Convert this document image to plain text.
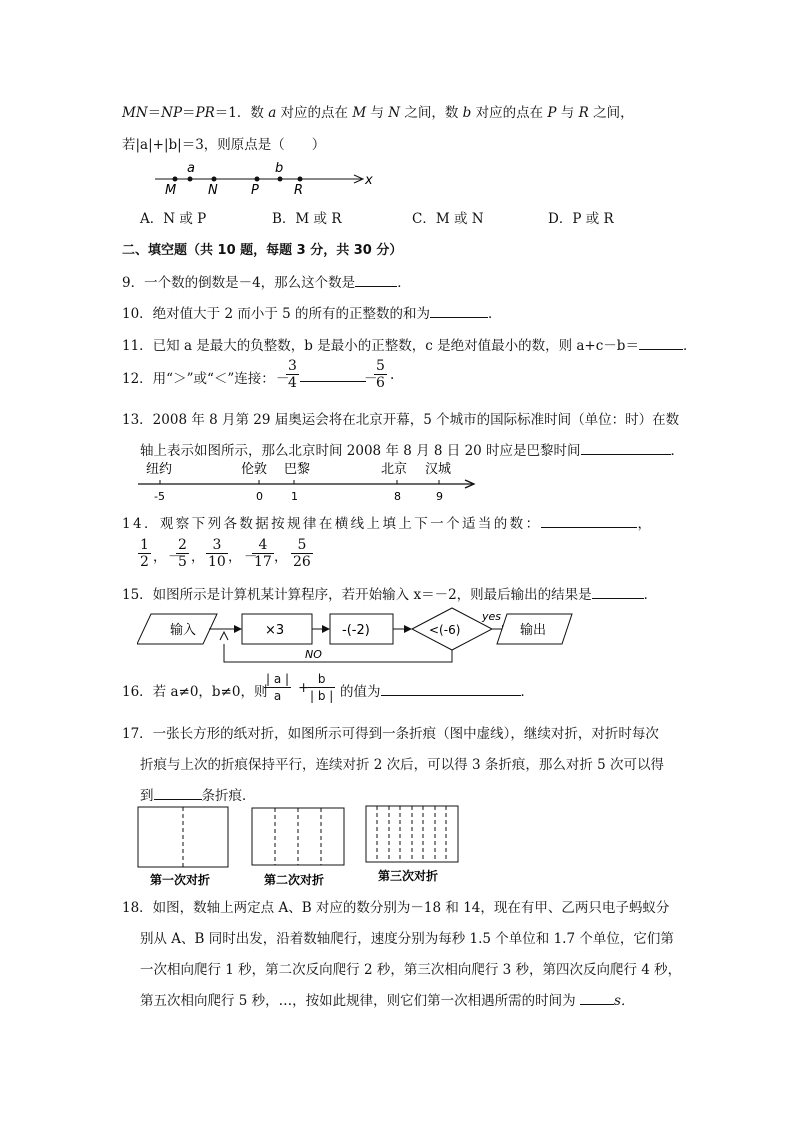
MN＝NP＝PR＝1．数 a 对应的点在 M 与 N 之间，数 b 对应的点在 P 与 R 之间，
若|a|+|b|＝3，则原点是（　　）
a	b
M N	P	R
x
A．N 或 P	B．M 或 R	C．M 或 N	D．P 或 R
二、填空题（共 10 题，每题 3 分，共 30 分）
9．一个数的倒数是－4，那么这个数是	．
10．绝对值大于 2 而小于 5 的所有的正整数的和为	．
11．已知 a 是最大的负整数，b 是最小的正整数，c 是绝对值最小的数，则 a+c－b＝	．
12．用“＞”或“＜”连接： －
$\frac{3}{4}$	－
$\frac{5}{6}$ .
13．2008 年 8 月第 29 届奥运会将在北京开幕，5 个城市的国际标准时间（单位：时）在数
轴上表示如图所示，那么北京时间 2008 年 8 月 8 日 20 时应是巴黎时间	．
纽约	伦敦 巴黎	北京 汉城
-5	0	1	8	9
14．观察下列各数据按规律在横线上填上下一个适当的数：	，
$\frac{1}{2}$ ， －
$\frac{2}{5}$ ， $\frac{3}{10}$ ， －
$\frac{4}{17}$ ， $\frac{5}{26}$
15．如图所示是计算机某计算程序，若开始输入 x＝－2，则最后输出的结果是	．
输入	×3	-(-2)	<(-6)
yes
输出
NO
16．若 a≠0，b≠0，则
$\frac{| a |}{a}$ +
$\frac{b}{| b |}$ 的值为	．
17．一张长方形的纸对折，如图所示可得到一条折痕（图中虚线），继续对折，对折时每次
折痕与上次的折痕保持平行，连续对折 2 次后，可以得 3 条折痕，那么对折 5 次可以得
到	条折痕．
第一次对折	第二次对折	第三次对折
18．如图，数轴上两定点 A、B 对应的数分别为－18 和 14，现在有甲、乙两只电子蚂蚁分
别从 A、B 同时出发，沿着数轴爬行，速度分别为每秒 1.5 个单位和 1.7 个单位，它们第
一次相向爬行 1 秒，第二次反向爬行 2 秒，第三次相向爬行 3 秒，第四次反向爬行 4 秒，
第五次相向爬行 5 秒，…，按如此规律，则它们第一次相遇所需的时间为	s．
